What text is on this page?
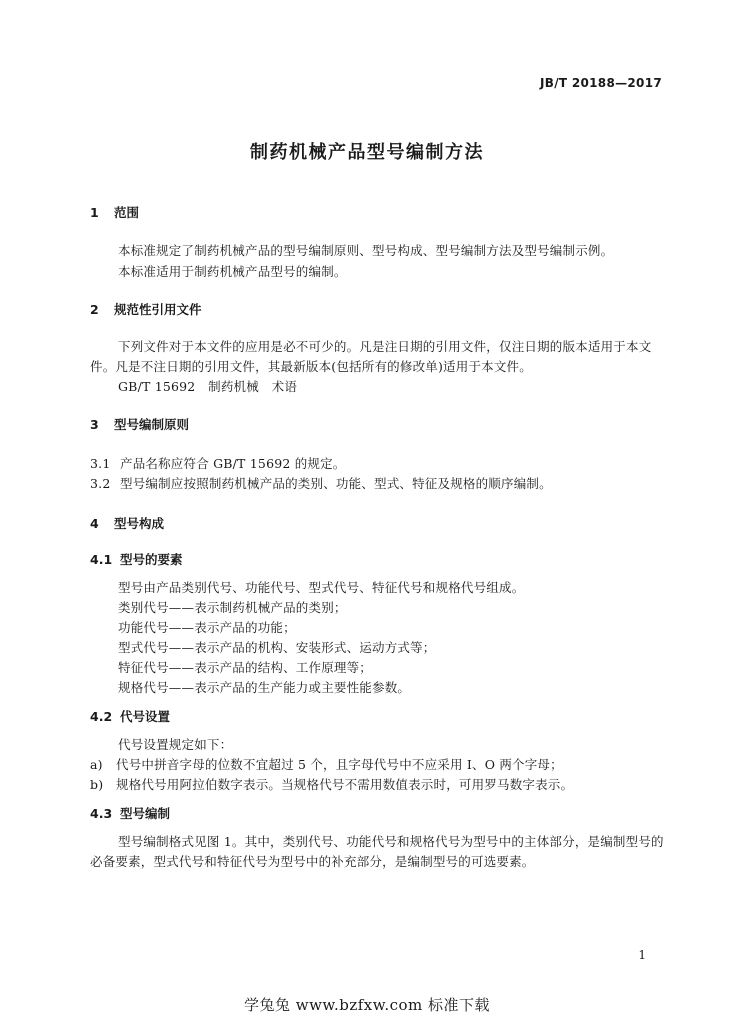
JB/T 20188—2017
制药机械产品型号编制方法
1 范围
本标准规定了制药机械产品的型号编制原则、型号构成、型号编制方法及型号编制示例。
本标准适用于制药机械产品型号的编制。
2 规范性引用文件
下列文件对于本文件的应用是必不可少的。凡是注日期的引用文件，仅注日期的版本适用于本文
件。凡是不注日期的引用文件，其最新版本(包括所有的修改单)适用于本文件。
GB/T 15692　制药机械　术语
3 型号编制原则
3.1 产品名称应符合 GB/T 15692 的规定。
3.2 型号编制应按照制药机械产品的类别、功能、型式、特征及规格的顺序编制。
4 型号构成
4.1 型号的要素
型号由产品类别代号、功能代号、型式代号、特征代号和规格代号组成。
类别代号——表示制药机械产品的类别；
功能代号——表示产品的功能；
型式代号——表示产品的机构、安装形式、运动方式等；
特征代号——表示产品的结构、工作原理等；
规格代号——表示产品的生产能力或主要性能参数。
4.2 代号设置
代号设置规定如下：
a) 代号中拼音字母的位数不宜超过 5 个，且字母代号中不应采用 I、O 两个字母；
b) 规格代号用阿拉伯数字表示。当规格代号不需用数值表示时，可用罗马数字表示。
4.3 型号编制
型号编制格式见图 1。其中，类别代号、功能代号和规格代号为型号中的主体部分，是编制型号的
必备要素，型式代号和特征代号为型号中的补充部分，是编制型号的可选要素。
1
学兔兔 www.bzfxw.com 标准下载
